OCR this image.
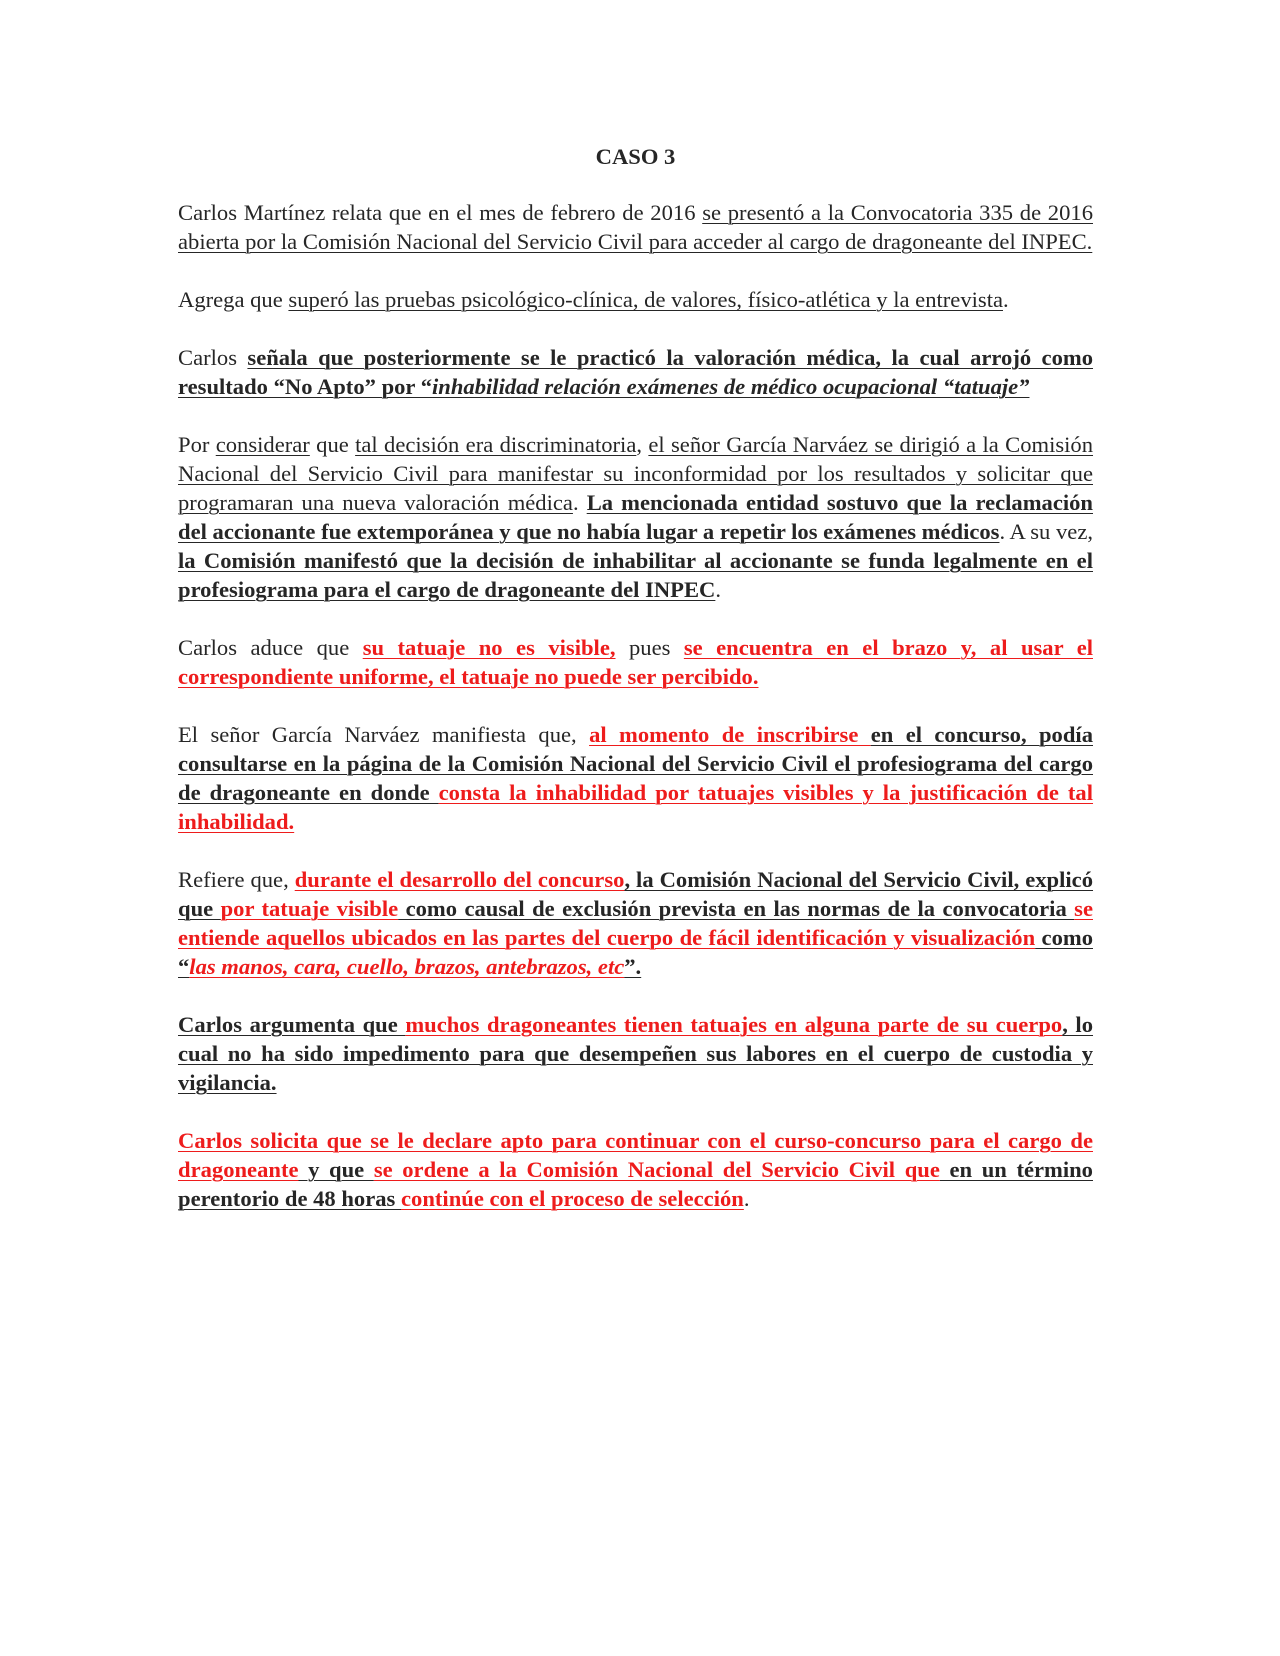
CASO 3

Carlos Martínez relata que en el mes de febrero de 2016 se presentó a la Convocatoria 335 de 2016 abierta por la Comisión Nacional del Servicio Civil para acceder al cargo de dragoneante del INPEC.

Agrega que superó las pruebas psicológico-clínica, de valores, físico-atlética y la entrevista.

Carlos señala que posteriormente se le practicó la valoración médica, la cual arrojó como resultado “No Apto” por “inhabilidad relación exámenes de médico ocupacional “tatuaje”

Por considerar que tal decisión era discriminatoria, el señor García Narváez se dirigió a la Comisión Nacional del Servicio Civil para manifestar su inconformidad por los resultados y solicitar que programaran una nueva valoración médica. La mencionada entidad sostuvo que la reclamación del accionante fue extemporánea y que no había lugar a repetir los exámenes médicos. A su vez, la Comisión manifestó que la decisión de inhabilitar al accionante se funda legalmente en el profesiograma para el cargo de dragoneante del INPEC.

Carlos aduce que su tatuaje no es visible, pues se encuentra en el brazo y, al usar el correspondiente uniforme, el tatuaje no puede ser percibido.

El señor García Narváez manifiesta que, al momento de inscribirse en el concurso, podía consultarse en la página de la Comisión Nacional del Servicio Civil el profesiograma del cargo de dragoneante en donde consta la inhabilidad por tatuajes visibles y la justificación de tal inhabilidad.

Refiere que, durante el desarrollo del concurso, la Comisión Nacional del Servicio Civil, explicó que por tatuaje visible como causal de exclusión prevista en las normas de la convocatoria se entiende aquellos ubicados en las partes del cuerpo de fácil identificación y visualización como “las manos, cara, cuello, brazos, antebrazos, etc”.

Carlos argumenta que muchos dragoneantes tienen tatuajes en alguna parte de su cuerpo, lo cual no ha sido impedimento para que desempeñen sus labores en el cuerpo de custodia y vigilancia.

Carlos solicita que se le declare apto para continuar con el curso-concurso para el cargo de dragoneante y que se ordene a la Comisión Nacional del Servicio Civil que en un término perentorio de 48 horas continúe con el proceso de selección.
